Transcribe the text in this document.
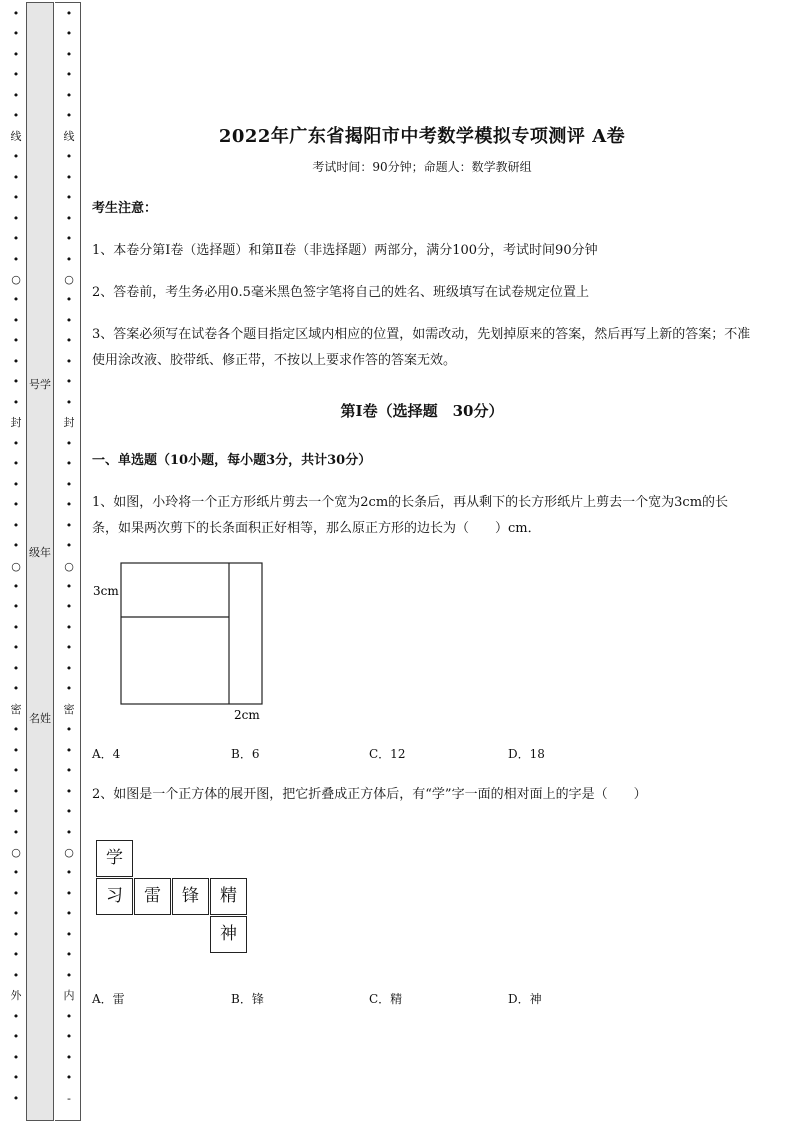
•
•
•
•
•
•
线
•
•
•
•
•
•
○
•
•
•
•
•
•
封
•
•
•
•
•
•
○
•
•
•
•
•
•
密
•
•
•
•
•
•
○
•
•
•
•
•
•
外
•
•
•
•
•
号学
级年
名姓
•
•
•
•
•
•
线
•
•
•
•
•
•
○
•
•
•
•
•
•
封
•
•
•
•
•
•
○
•
•
•
•
•
•
密
•
•
•
•
•
•
○
•
•
•
•
•
•
内
•
•
•
•
-
2022年广东省揭阳市中考数学模拟专项测评 A卷
考试时间：90分钟；命题人：数学教研组
考生注意：
1、本卷分第I卷（选择题）和第Ⅱ卷（非选择题）两部分，满分100分，考试时间90分钟
2、答卷前，考生务必用0.5毫米黑色签字笔将自己的姓名、班级填写在试卷规定位置上
3、答案必须写在试卷各个题目指定区域内相应的位置，如需改动，先划掉原来的答案，然后再写上新的答案；不准使用涂改液、胶带纸、修正带，不按以上要求作答的答案无效。
第I卷（选择题　30分）
一、单选题（10小题，每小题3分，共计30分）
1、如图，小玲将一个正方形纸片剪去一个宽为2cm的长条后，再从剩下的长方形纸片上剪去一个宽为3cm的长条，如果两次剪下的长条面积正好相等，那么原正方形的边长为（　　）cm．
3cm
2cm
A．4	B．6	C．12	D．18
2、如图是一个正方体的展开图，把它折叠成正方体后，有“学”字一面的相对面上的字是（　　）
学
习	雷	锋	精
神
A．雷	B．锋	C．精	D．神
